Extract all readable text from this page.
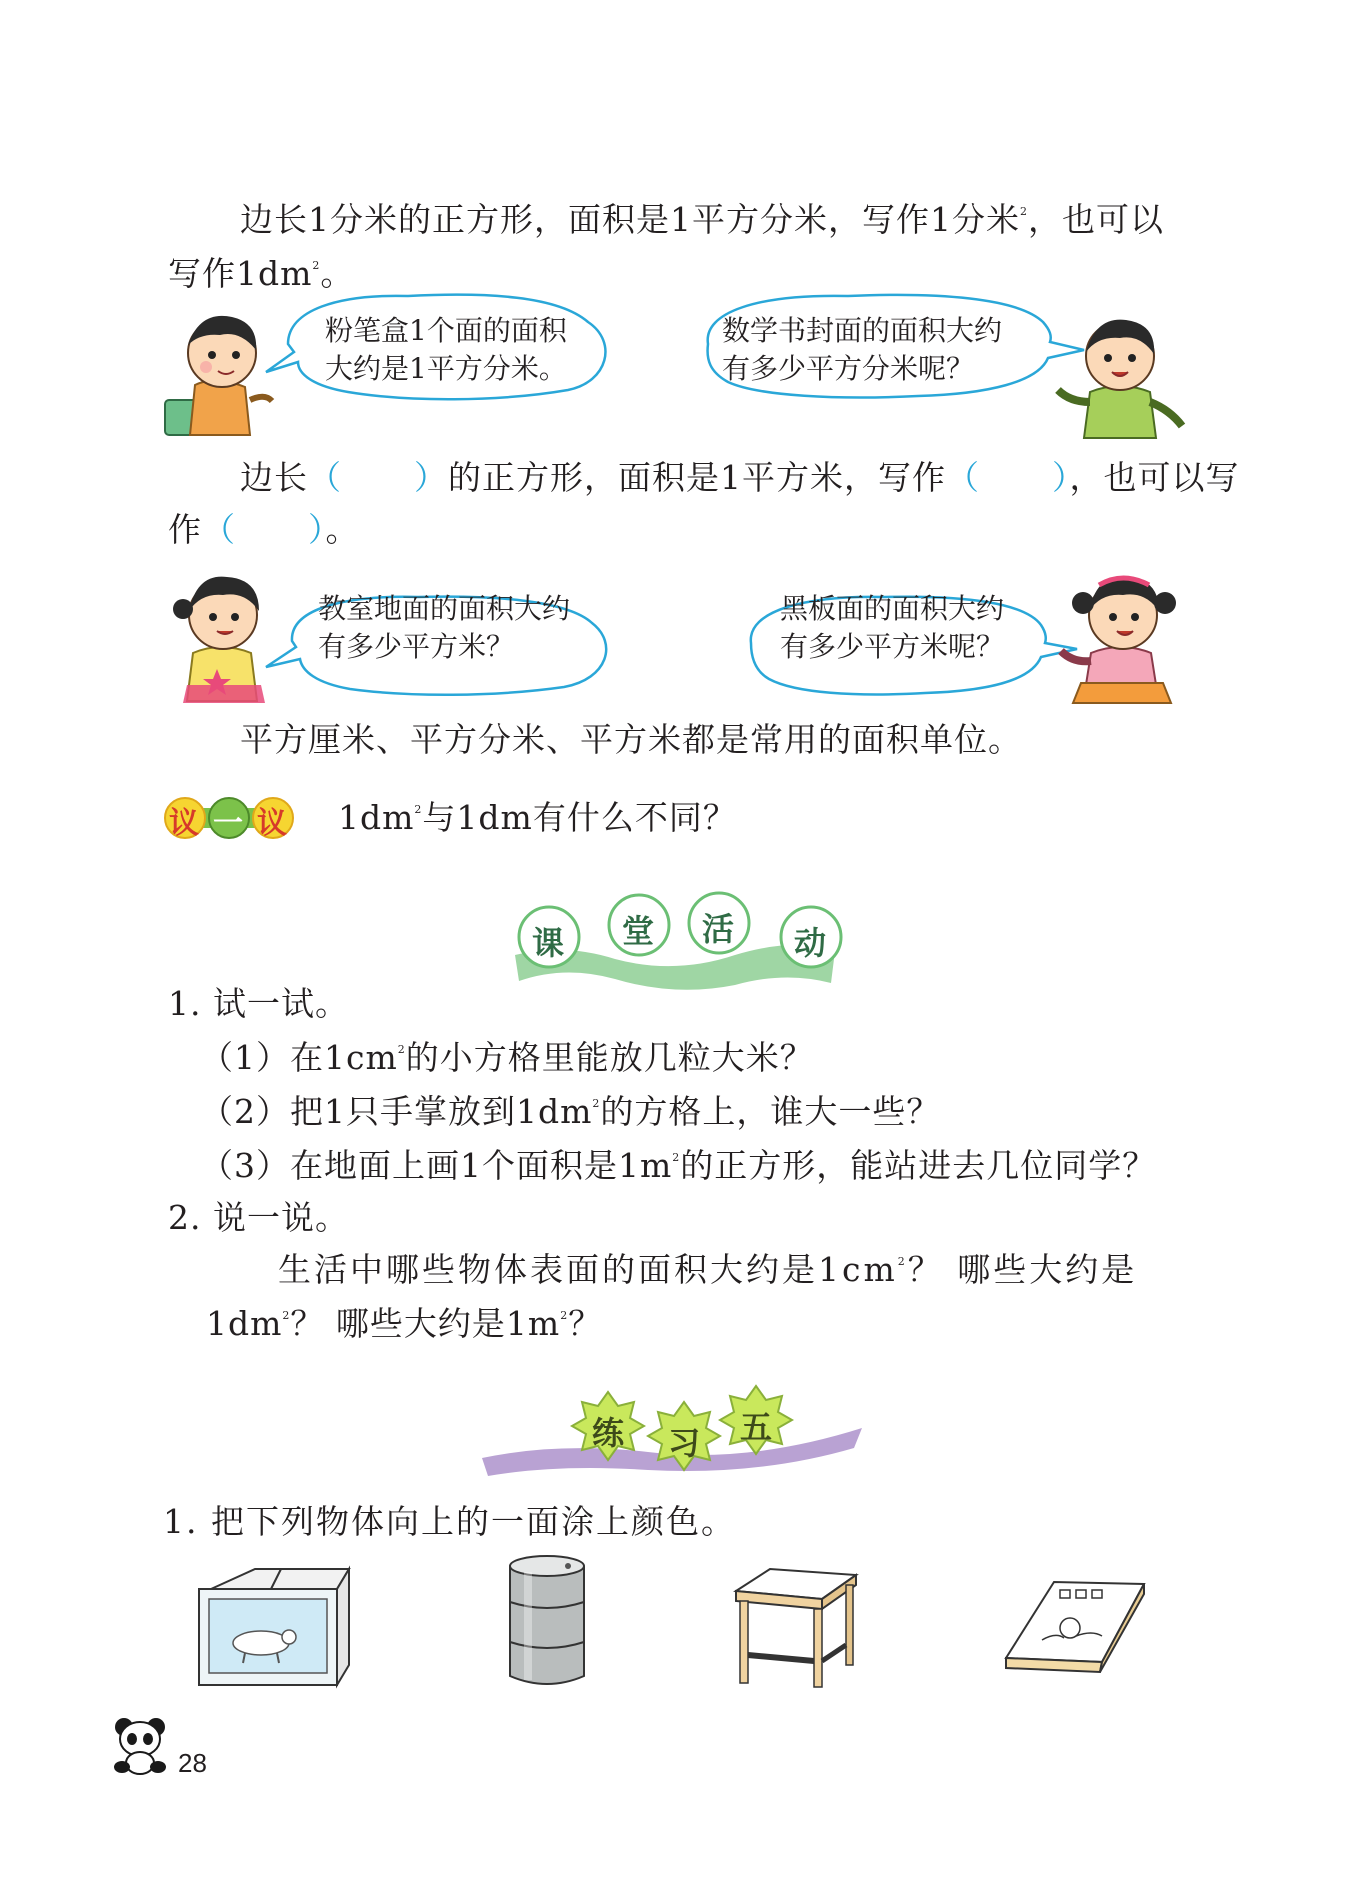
边长1分米的正方形，面积是1平方分米，写作1分米$^2$，也可以
写作$1dm^2$。
粉笔盒1个面的面积
大约是1平方分米。
数学书封面的面积大约
有多少平方分米呢？
边长（ ）的正方形，面积是1平方米，写作（ ），也可以写
作（ ）。
教室地面的面积大约
有多少平方米？
黑板面的面积大约
有多少平方米呢？
平方厘米、平方分米、平方米都是常用的面积单位。
议 一 议 $1dm^2$与1dm有什么不同？
课 堂 活 动
1. 试一试。
（1）在$1cm^2$的小方格里能放几粒大米？
（2）把1只手掌放到$1dm^2$的方格上，谁大一些？
（3）在地面上画1个面积是$1m^2$的正方形，能站进去几位同学？
2. 说一说。
生活中哪些物体表面的面积大约是$1cm^2$？ 哪些大约是
$1dm^2$？ 哪些大约是$1m^2$？
练 习 五
1. 把下列物体向上的一面涂上颜色。
28
